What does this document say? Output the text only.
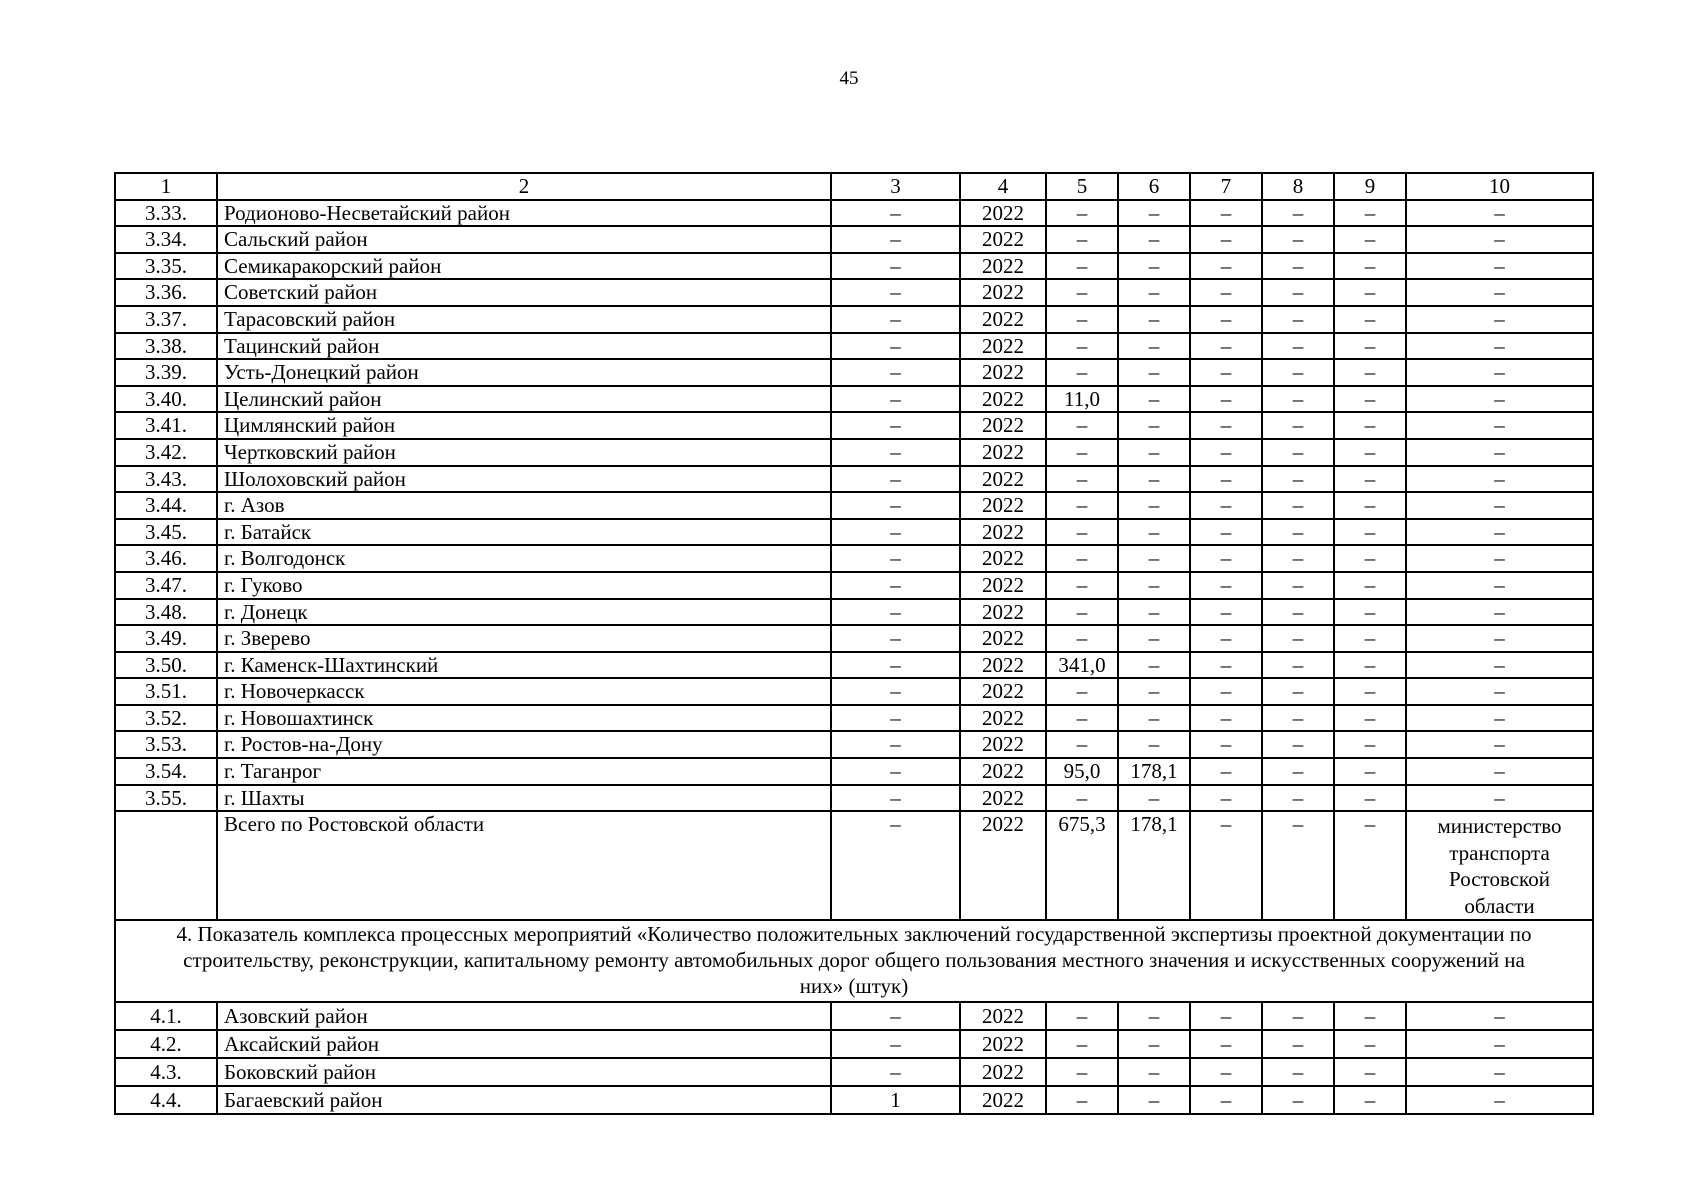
45
1	2	3	4	5	6	7	8	9	10
3.33.	Родионово-Несветайский район	–	2022	–	–	–	–	–	–
3.34.	Сальский район	–	2022	–	–	–	–	–	–
3.35.	Семикаракорский район	–	2022	–	–	–	–	–	–
3.36.	Советский район	–	2022	–	–	–	–	–	–
3.37.	Тарасовский район	–	2022	–	–	–	–	–	–
3.38.	Тацинский район	–	2022	–	–	–	–	–	–
3.39.	Усть-Донецкий район	–	2022	–	–	–	–	–	–
3.40.	Целинский район	–	2022	11,0	–	–	–	–	–
3.41.	Цимлянский район	–	2022	–	–	–	–	–	–
3.42.	Чертковский район	–	2022	–	–	–	–	–	–
3.43.	Шолоховский район	–	2022	–	–	–	–	–	–
3.44.	г. Азов	–	2022	–	–	–	–	–	–
3.45.	г. Батайск	–	2022	–	–	–	–	–	–
3.46.	г. Волгодонск	–	2022	–	–	–	–	–	–
3.47.	г. Гуково	–	2022	–	–	–	–	–	–
3.48.	г. Донецк	–	2022	–	–	–	–	–	–
3.49.	г. Зверево	–	2022	–	–	–	–	–	–
3.50.	г. Каменск-Шахтинский	–	2022	341,0	–	–	–	–	–
3.51.	г. Новочеркасск	–	2022	–	–	–	–	–	–
3.52.	г. Новошахтинск	–	2022	–	–	–	–	–	–
3.53.	г. Ростов-на-Дону	–	2022	–	–	–	–	–	–
3.54.	г. Таганрог	–	2022	95,0	178,1	–	–	–	–
3.55.	г. Шахты	–	2022	–	–	–	–	–	–
	Всего по Ростовской области	–	2022	675,3	178,1	–	–	–	министерство транспорта Ростовской области
4. Показатель комплекса процессных мероприятий «Количество положительных заключений государственной экспертизы проектной документации по строительству, реконструкции, капитальному ремонту автомобильных дорог общего пользования местного значения и искусственных сооружений на них» (штук)									
4.1.	Азовский район	–	2022	–	–	–	–	–	–
4.2.	Аксайский район	–	2022	–	–	–	–	–	–
4.3.	Боковский район	–	2022	–	–	–	–	–	–
4.4.	Багаевский район	1	2022	–	–	–	–	–	–
